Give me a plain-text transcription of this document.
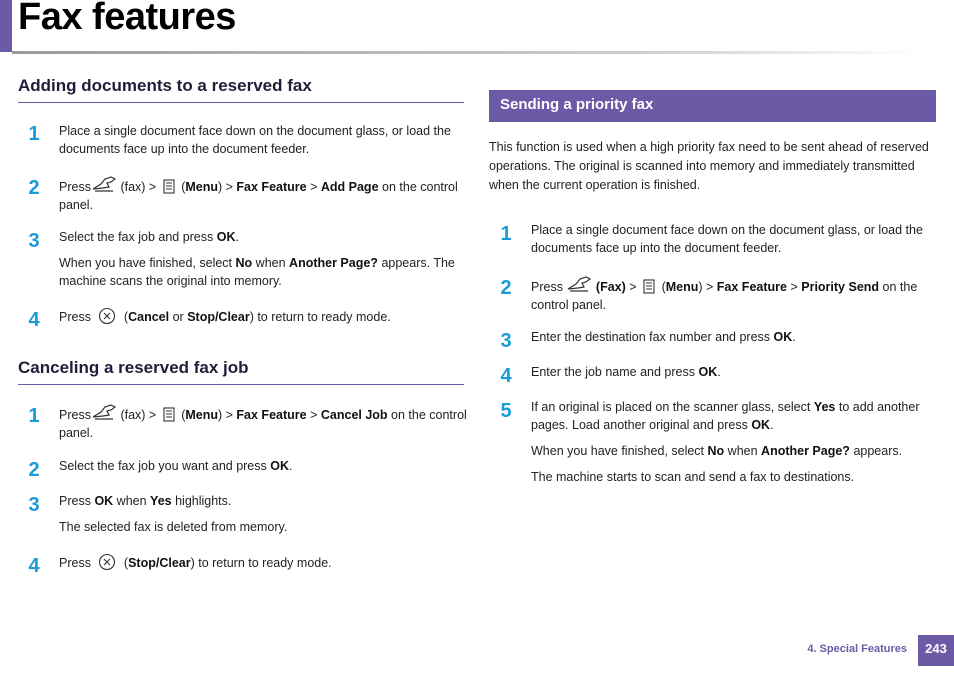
Fax features
Adding documents to a reserved fax
1	Place a single document face down on the document glass, or load the documents face up into the document feeder.
2	Press (fax) > (Menu) > Fax Feature > Add Page on the control panel.
3	Select the fax job and press OK.
When you have finished, select No when Another Page? appears. The machine scans the original into memory.
4	Press	(Cancel or Stop/Clear) to return to ready mode.
Canceling a reserved fax job
1	Press (fax) > (Menu) > Fax Feature > Cancel Job on the control panel.
2	Select the fax job you want and press OK.
3	Press OK when Yes highlights.
The selected fax is deleted from memory.
4	Press	(Stop/Clear) to return to ready mode.
Sending a priority fax
This function is used when a high priority fax need to be sent ahead of reserved operations. The original is scanned into memory and immediately transmitted when the current operation is finished.
1	Place a single document face down on the document glass, or load the documents face up into the document feeder.
2	Press	(Fax) > (Menu) > Fax Feature > Priority Send on the control panel.
3	Enter the destination fax number and press OK.
4	Enter the job name and press OK.
5	If an original is placed on the scanner glass, select Yes to add another pages. Load another original and press OK.
When you have finished, select No when Another Page? appears.
The machine starts to scan and send a fax to destinations.
4. Special Features	243
